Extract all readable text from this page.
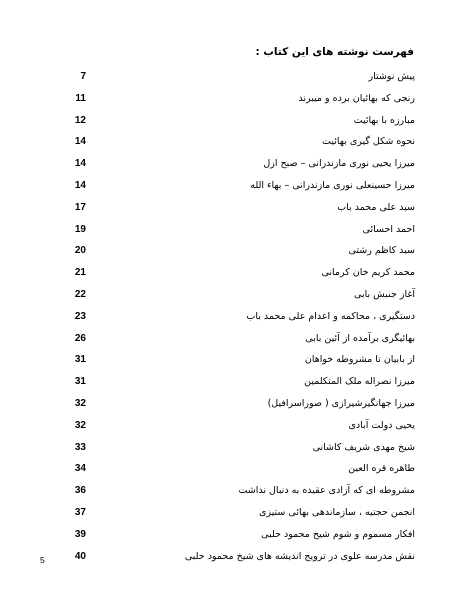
فهرست نوشته های این کتاب :
پیش نوشتار
7
رنجی که بهائیان برده و میبرند
11
مبارزه با بهائیت
12
نحوه شکل گیری بهائیت
14
میرزا یحیی نوری مازندرانی – صبح ازل
14
میرزا حسینعلی نوری مازندرانی – بهاء الله
14
سید علی محمد باب
17
احمد احسائی
19
سید کاظم رشتی
20
محمد کریم خان کرمانی
21
آغاز جنبش بابی
22
دستگیری ، محاکمه و اعدام علی محمد باب
23
بهائیگری برآمده از آئین بابی
26
از بابیان تا مشروطه خواهان
31
میرزا نصراله ملک المتکلمین
31
میرزا جهانگیرشیرازی ( صوراسرافیل)
32
یحیی دولت آبادی
32
شیخ مهدی شریف کاشانی
33
طاهره قره العین
34
مشروطه ای که آزادی عقیده به دنبال نداشت
36
انجمن حجتیه ، سازماندهی بهائی ستیزی
37
افکار مسموم و شوم شیخ محمود حلبی
39
نقش مدرسه علوی در ترویج اندیشه های شیخ محمود حلبی
40
5
